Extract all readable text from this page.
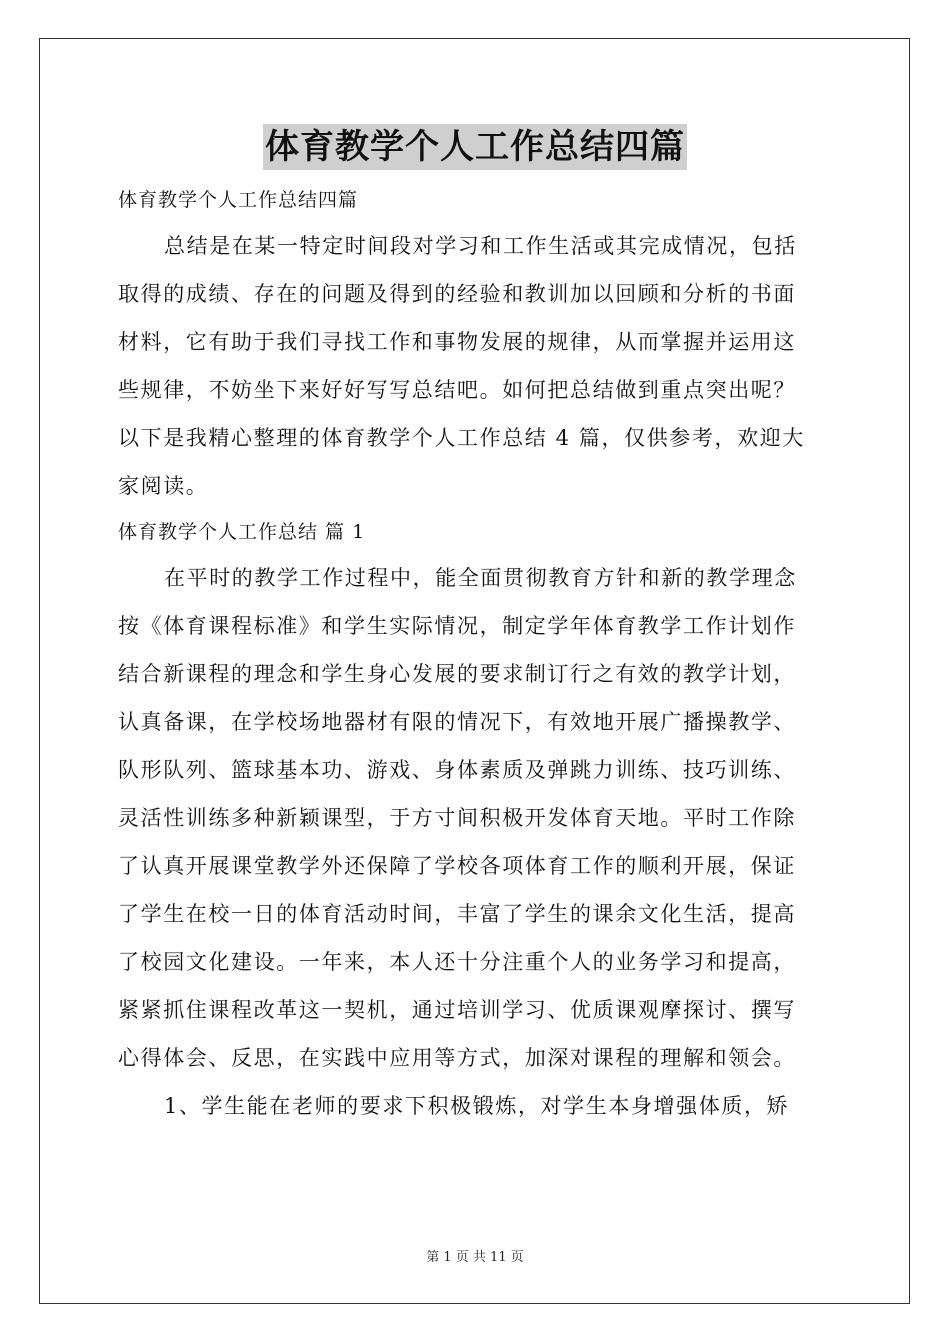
体育教学个人工作总结四篇
体育教学个人工作总结四篇
总结是在某一特定时间段对学习和工作生活或其完成情况，包括
取得的成绩、存在的问题及得到的经验和教训加以回顾和分析的书面
材料，它有助于我们寻找工作和事物发展的规律，从而掌握并运用这
些规律，不妨坐下来好好写写总结吧。如何把总结做到重点突出呢？
以下是我精心整理的体育教学个人工作总结 4 篇，仅供参考，欢迎大
家阅读。
体育教学个人工作总结 篇 1
在平时的教学工作过程中，能全面贯彻教育方针和新的教学理念
按《体育课程标准》和学生实际情况，制定学年体育教学工作计划作
结合新课程的理念和学生身心发展的要求制订行之有效的教学计划，
认真备课，在学校场地器材有限的情况下，有效地开展广播操教学、
队形队列、篮球基本功、游戏、身体素质及弹跳力训练、技巧训练、
灵活性训练多种新颖课型，于方寸间积极开发体育天地。平时工作除
了认真开展课堂教学外还保障了学校各项体育工作的顺利开展，保证
了学生在校一日的体育活动时间，丰富了学生的课余文化生活，提高
了校园文化建设。一年来，本人还十分注重个人的业务学习和提高，
紧紧抓住课程改革这一契机，通过培训学习、优质课观摩探讨、撰写
心得体会、反思，在实践中应用等方式，加深对课程的理解和领会。
1、学生能在老师的要求下积极锻炼，对学生本身增强体质，矫
第 1 页 共 11 页
